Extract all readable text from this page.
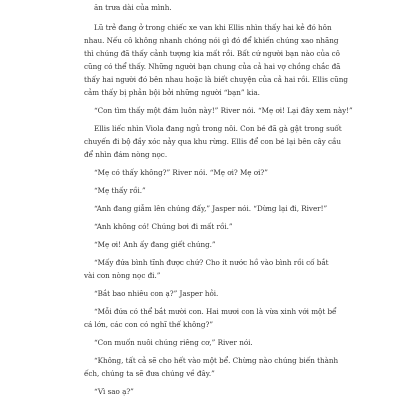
ăn trưa dài của mình.
Lũ trẻ đang ở trong chiếc xe van khi Ellis nhìn thấy hai kẻ đó hôn
nhau. Nếu cô không nhanh chóng nói gì đó để khiến chúng xao nhãng
thì chúng đã thấy cảnh tượng kia mất rồi. Bất cứ người bạn nào của cô
cũng có thể thấy. Những người bạn chung của cả hai vợ chồng chắc đã
thấy hai người đó bên nhau hoặc là biết chuyện của cả hai rồi. Ellis cũng
cảm thấy bị phản bội bởi những người “bạn” kia.
“Con tìm thấy một đám luôn này!” River nói. “Mẹ ơi! Lại đây xem này!”
Ellis liếc nhìn Viola đang ngủ trong nôi. Con bé đã gà gật trong suốt
chuyến đi bộ đầy xóc nảy qua khu rừng. Ellis để con bé lại bên cây cầu
để nhìn đám nòng nọc.
“Mẹ có thấy không?” River nói. “Mẹ ơi? Mẹ ơi?”
“Mẹ thấy rồi.”
“Anh đang giẫm lên chúng đấy,” Jasper nói. “Dừng lại đi, River!”
“Anh không có! Chúng bơi đi mất rồi.”
“Mẹ ơi! Anh ấy đang giết chúng.”
“Mấy đứa bình tĩnh được chứ? Cho ít nước hồ vào bình rồi cố bắt
vài con nòng nọc đi.”
“Bắt bao nhiêu con ạ?” Jasper hỏi.
“Mỗi đứa có thể bắt mười con. Hai mươi con là vừa xinh với một bể
cá lớn, các con có nghĩ thế không?”
“Con muốn nuôi chúng riêng cơ,” River nói.
“Không, tất cả sẽ cho hết vào một bể. Chừng nào chúng biến thành
ếch, chúng ta sẽ đưa chúng về đây.”
“Vì sao ạ?”
